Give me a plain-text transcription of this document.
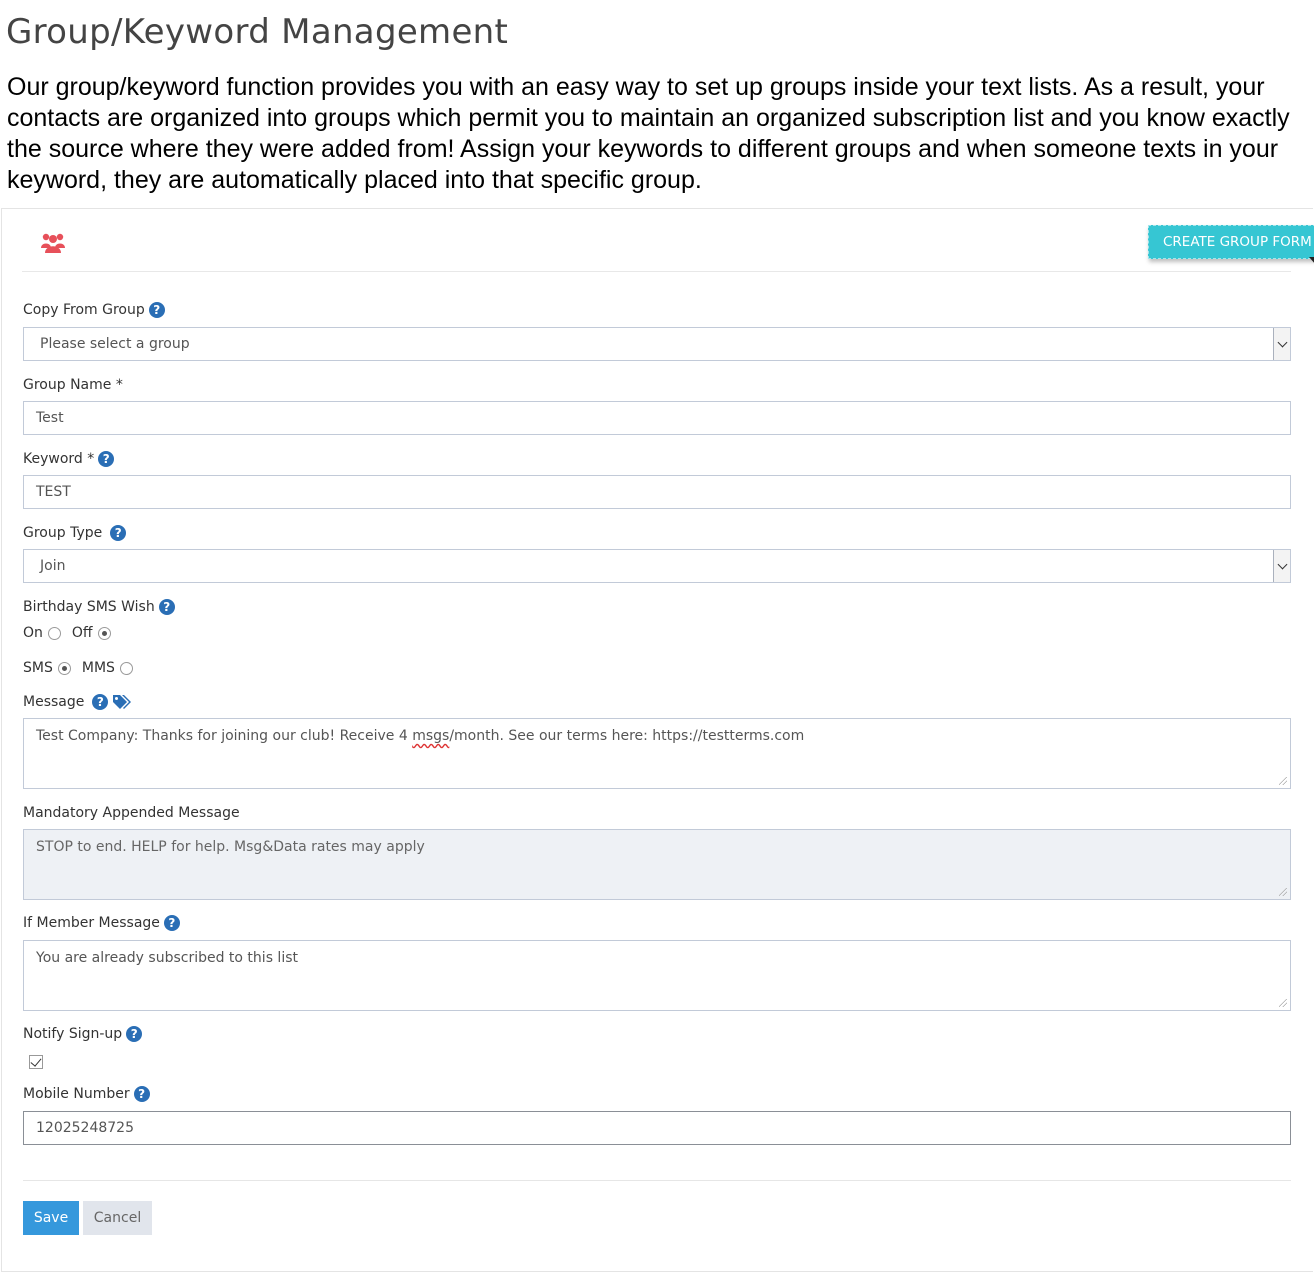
Group/Keyword Management

Our group/keyword function provides you with an easy way to set up groups inside your text lists. As a result, your contacts are organized into groups which permit you to maintain an organized subscription list and you know exactly the source where they were added from! Assign your keywords to different groups and when someone texts in your keyword, they are automatically placed into that specific group.

CREATE GROUP FORM
Copy From Group ?
Please select a group
Group Name *
Test
Keyword * ?
TEST
Group Type	?
Join
Birthday SMS Wish ?
On Off
SMS MMS
Message	?
Test Company: Thanks for joining our club! Receive 4 msgs/month. See our terms here: https://testterms.com
Mandatory Appended Message
STOP to end. HELP for help. Msg&Data rates may apply
If Member Message ?
You are already subscribed to this list
Notify Sign-up ?
Mobile Number ?
12025248725
Save	Cancel
